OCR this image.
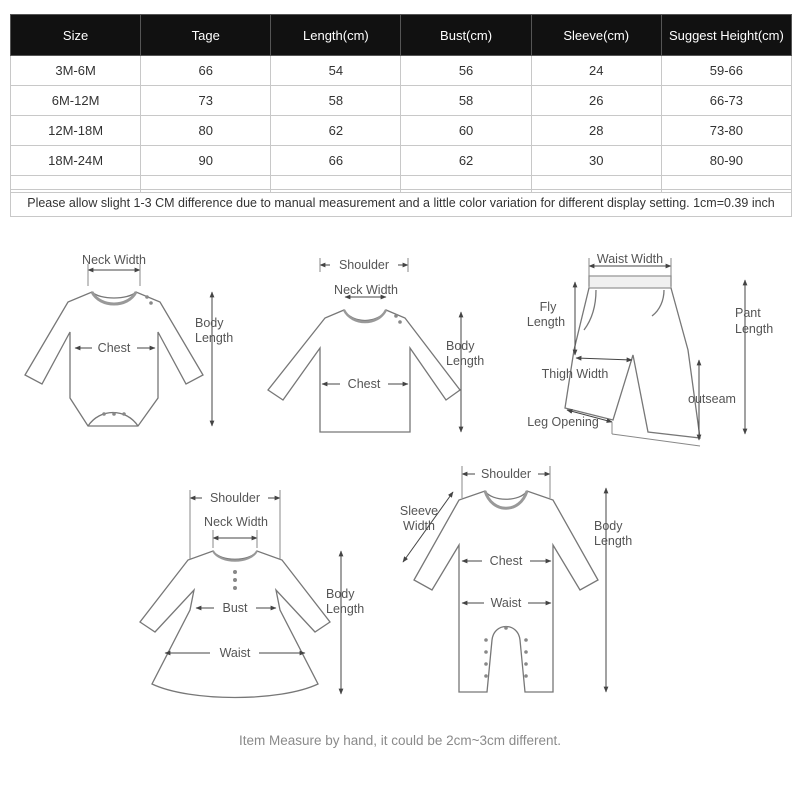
Size	Tage	Length(cm)	Bust(cm)	Sleeve(cm)	Suggest Height(cm)
3M-6M	66	54	56	24	59-66
6M-12M	73	58	58	26	66-73
12M-18M	80	62	60	28	73-80
18M-24M	90	66	62	30	80-90

Please allow slight 1-3 CM difference due to manual measurement and a little color variation for different display setting. 1cm=0.39 inch
Neck Width
Chest
Body
Length
Shoulder
Neck Width
Chest
Body
Length
Waist Width
Fly
Length
Pant
Length
Thigh Width
outseam
Leg Opening
Shoulder
Neck Width
Bust
Waist
Body
Length
Shoulder
Sleeve
Width
Chest
Waist
Body
Length
Item Measure by hand, it could be 2cm~3cm different.
